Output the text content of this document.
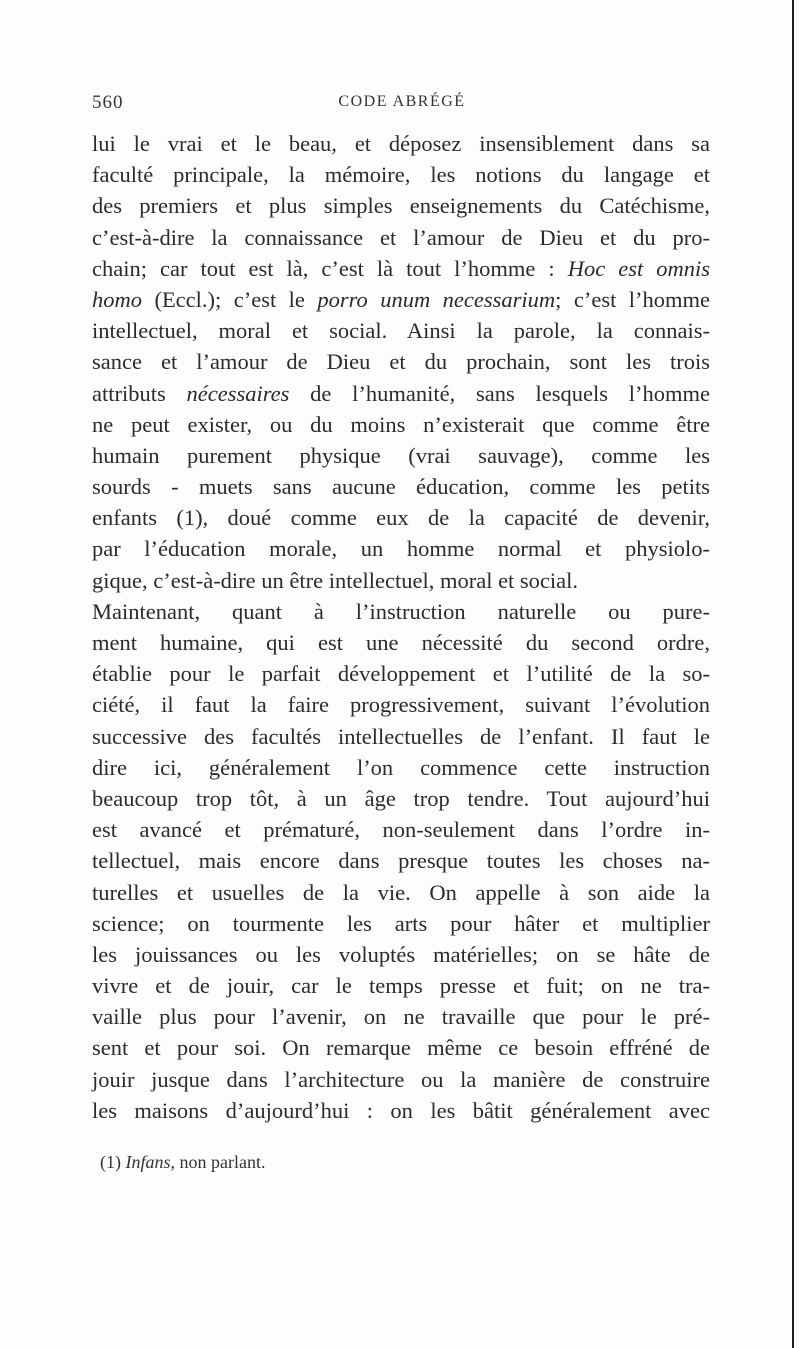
560	CODE ABRÉGÉ
lui le vrai et le beau, et déposez insensiblement dans sa
faculté principale, la mémoire, les notions du langage et
des premiers et plus simples enseignements du Catéchisme,
c’est-à-dire la connaissance et l’amour de Dieu et du pro-
chain; car tout est là, c’est là tout l’homme : Hoc est omnis
homo (Eccl.); c’est le porro unum necessarium; c’est l’homme
intellectuel, moral et social. Ainsi la parole, la connais-
sance et l’amour de Dieu et du prochain, sont les trois
attributs nécessaires de l’humanité, sans lesquels l’homme
ne peut exister, ou du moins n’existerait que comme être
humain purement physique (vrai sauvage), comme les
sourds - muets sans aucune éducation, comme les petits
enfants (1), doué comme eux de la capacité de devenir,
par l’éducation morale, un homme normal et physiolo-
gique, c’est-à-dire un être intellectuel, moral et social.
Maintenant, quant à l’instruction naturelle ou pure-
ment humaine, qui est une nécessité du second ordre,
établie pour le parfait développement et l’utilité de la so-
ciété, il faut la faire progressivement, suivant l’évolution
successive des facultés intellectuelles de l’enfant. Il faut le
dire ici, généralement l’on commence cette instruction
beaucoup trop tôt, à un âge trop tendre. Tout aujourd’hui
est avancé et prématuré, non-seulement dans l’ordre in-
tellectuel, mais encore dans presque toutes les choses na-
turelles et usuelles de la vie. On appelle à son aide la
science; on tourmente les arts pour hâter et multiplier
les jouissances ou les voluptés matérielles; on se hâte de
vivre et de jouir, car le temps presse et fuit; on ne tra-
vaille plus pour l’avenir, on ne travaille que pour le pré-
sent et pour soi. On remarque même ce besoin effréné de
jouir jusque dans l’architecture ou la manière de construire
les maisons d’aujourd’hui : on les bâtit généralement avec
(1) Infans, non parlant.
